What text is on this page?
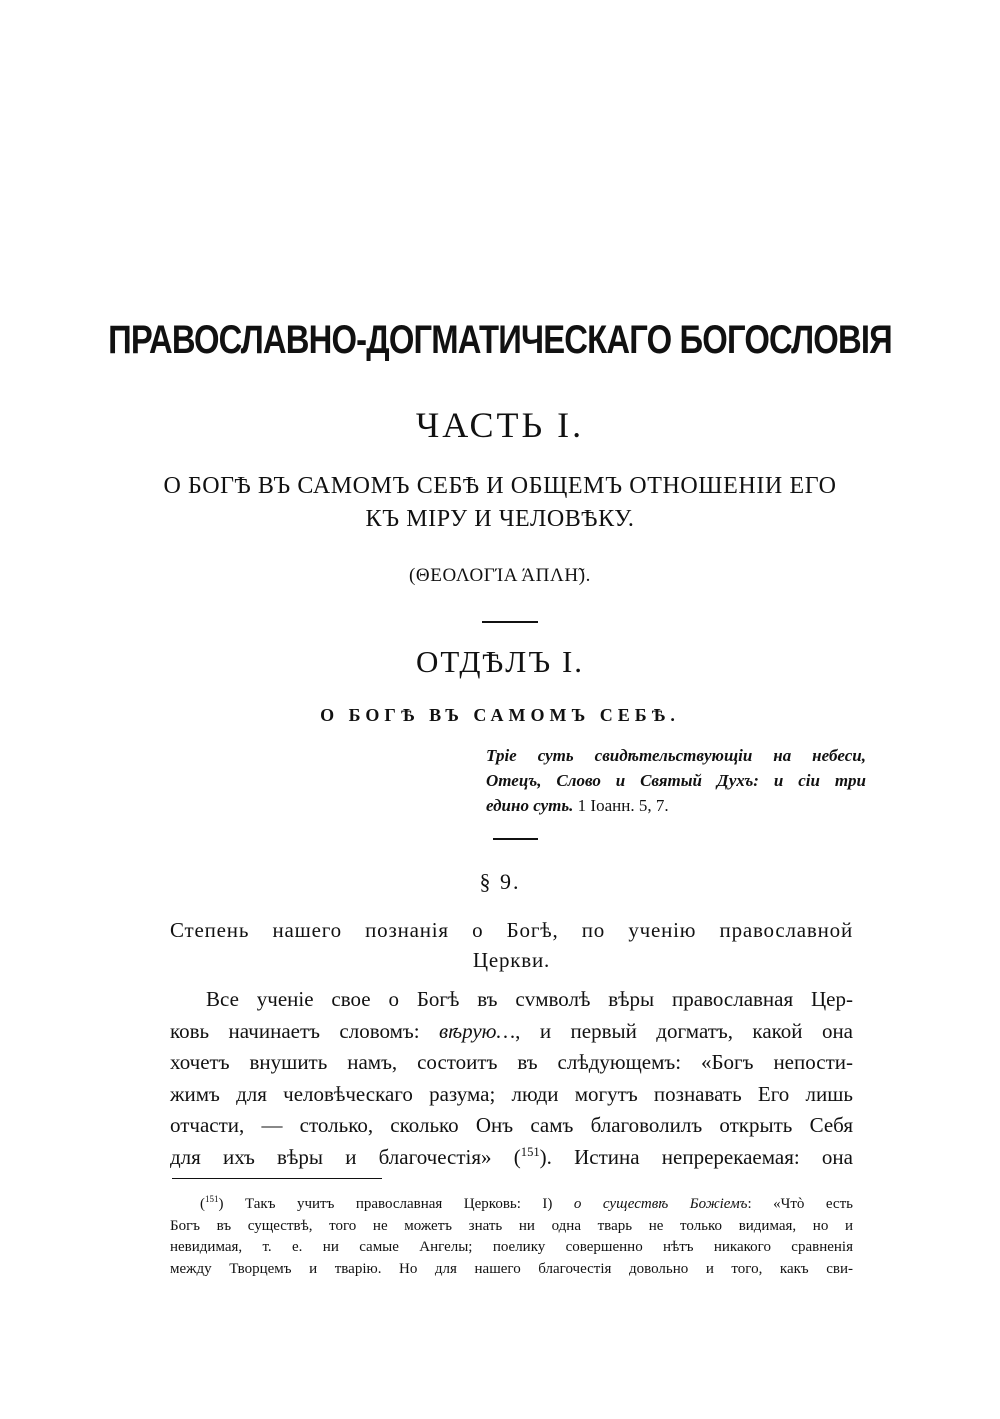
ПРАВОСЛАВНО-ДОГМАТИЧЕСКАГО БОГОСЛОВІЯ
ЧАСТЬ I.
О БОГѢ ВЪ САМОМЪ СЕБѢ И ОБЩЕМЪ ОТНОШЕНІИ ЕГО
КЪ МІРУ И ЧЕЛОВѢКУ.
(ΘΕΟΛΟΓΊΑ ΆΠΛΗ̃).
ОТДѢЛЪ I.
О БОГѢ ВЪ САМОМЪ СЕБѢ.
Тріе суть свидѣтельствующіи на небеси,
Отецъ, Слово и Святый Духъ: и сіи три
едино суть. 1 Іоанн. 5, 7.
§ 9.
Степень нашего познанія о Богѣ, по ученію православной
Церкви.
Все ученіе свое о Богѣ въ сvмволѣ вѣры православная Цер-
ковь начинаетъ словомъ: вѣрую…, и первый догматъ, какой она
хочетъ внушить намъ, состоитъ въ слѣдующемъ: «Богъ непости-
жимъ для человѣческаго разума; люди могутъ познавать Его лишь
отчасти, — столько, сколько Онъ самъ благоволилъ открыть Себя
для ихъ вѣры и благочестія» ($^{151}$). Истина непререкаемая: она
($^{151}$) Такъ учитъ православная Церковь: I) о существѣ Божіемъ: «Чтò есть
Богъ въ существѣ, того не можетъ знать ни одна тварь не только видимая, но и
невидимая, т. е. ни самые Ангелы; поелику совершенно нѣтъ никакого сравненія
между Творцемъ и тварію. Но для нашего благочестія довольно и того, какъ сви-
